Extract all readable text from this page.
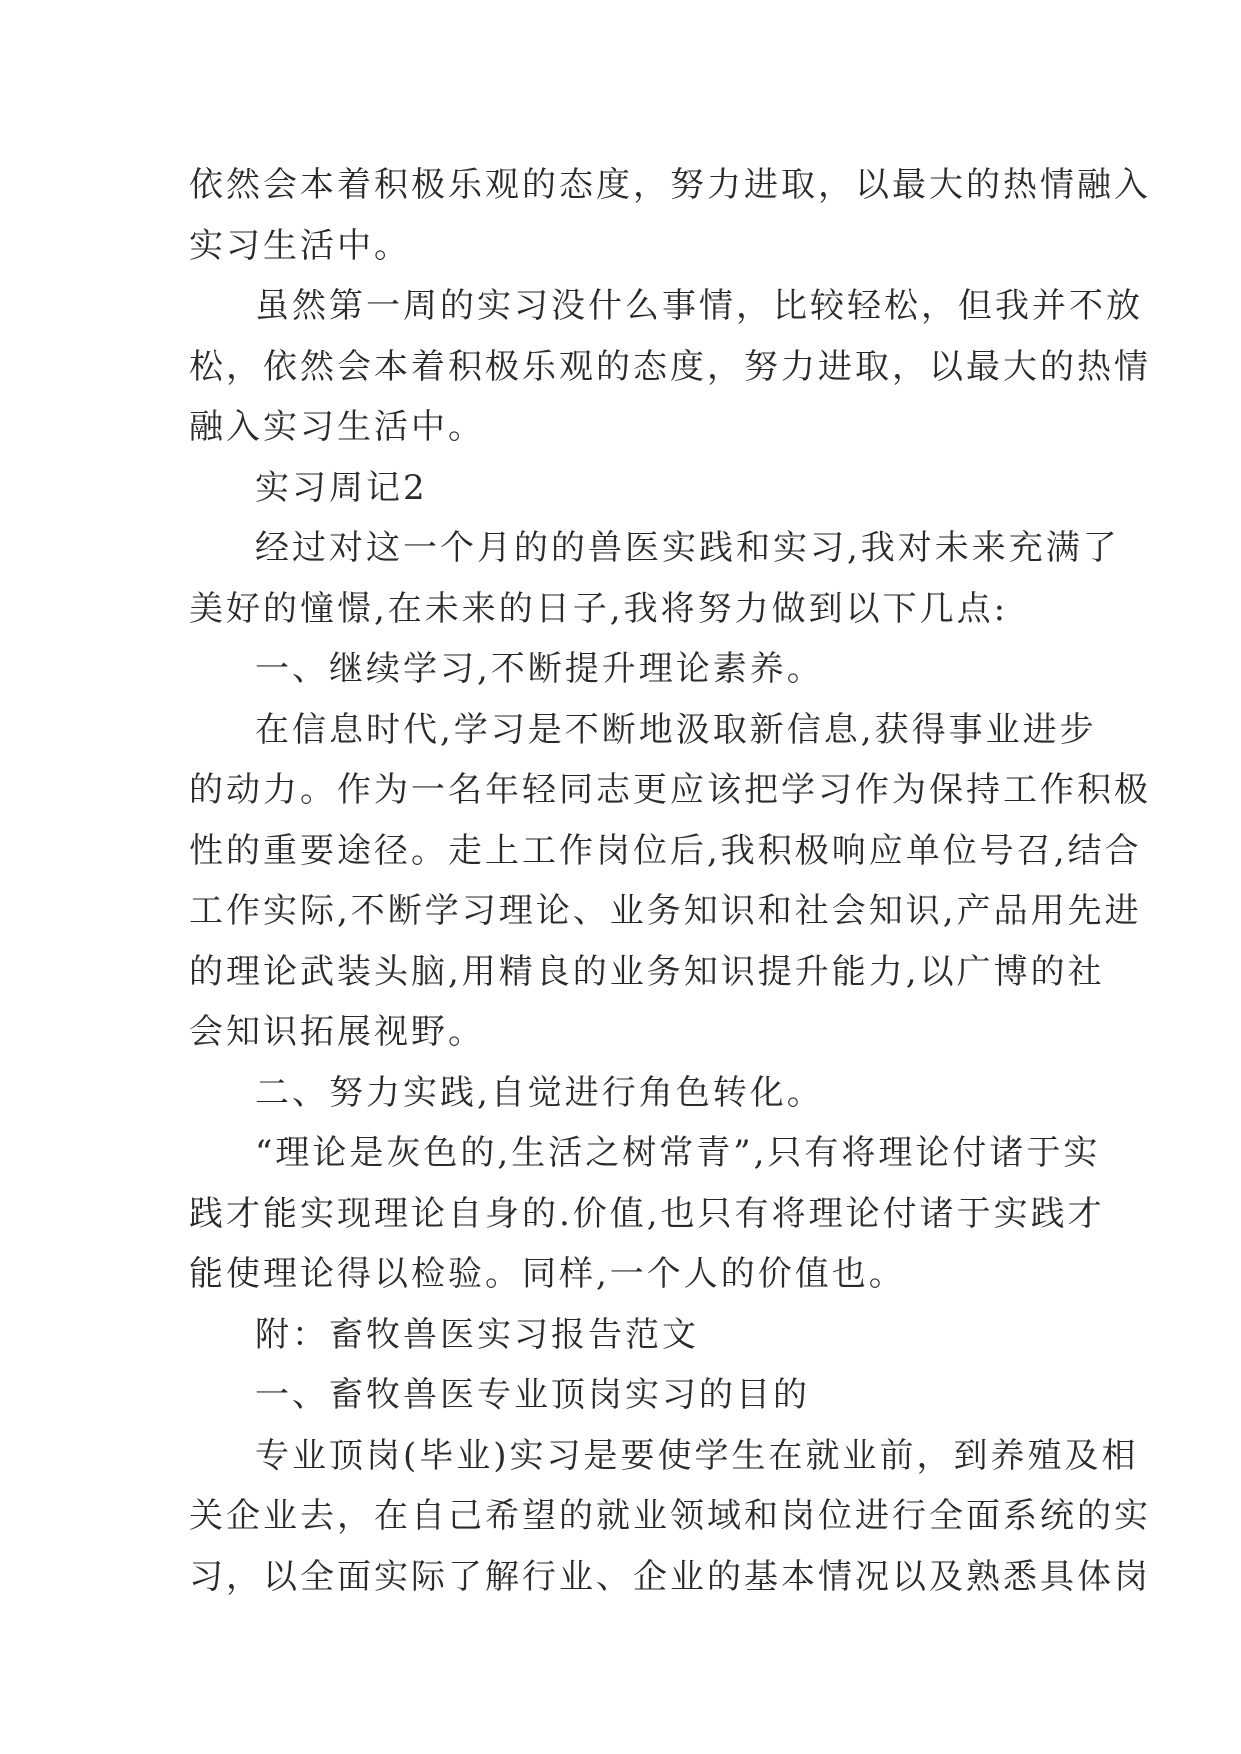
依然会本着积极乐观的态度，努力进取，以最大的热情融入
实习生活中。
虽然第一周的实习没什么事情，比较轻松，但我并不放
松，依然会本着积极乐观的态度，努力进取，以最大的热情
融入实习生活中。
实习周记2
经过对这一个月的的兽医实践和实习,我对未来充满了
美好的憧憬,在未来的日子,我将努力做到以下几点:
一、继续学习,不断提升理论素养。
在信息时代,学习是不断地汲取新信息,获得事业进步
的动力。作为一名年轻同志更应该把学习作为保持工作积极
性的重要途径。走上工作岗位后,我积极响应单位号召,结合
工作实际,不断学习理论、业务知识和社会知识,产品用先进
的理论武装头脑,用精良的业务知识提升能力,以广博的社
会知识拓展视野。
二、努力实践,自觉进行角色转化。
“理论是灰色的,生活之树常青”,只有将理论付诸于实
践才能实现理论自身的.价值,也只有将理论付诸于实践才
能使理论得以检验。同样,一个人的价值也。
附：畜牧兽医实习报告范文
一、畜牧兽医专业顶岗实习的目的
专业顶岗(毕业)实习是要使学生在就业前，到养殖及相
关企业去，在自己希望的就业领域和岗位进行全面系统的实
习，以全面实际了解行业、企业的基本情况以及熟悉具体岗
